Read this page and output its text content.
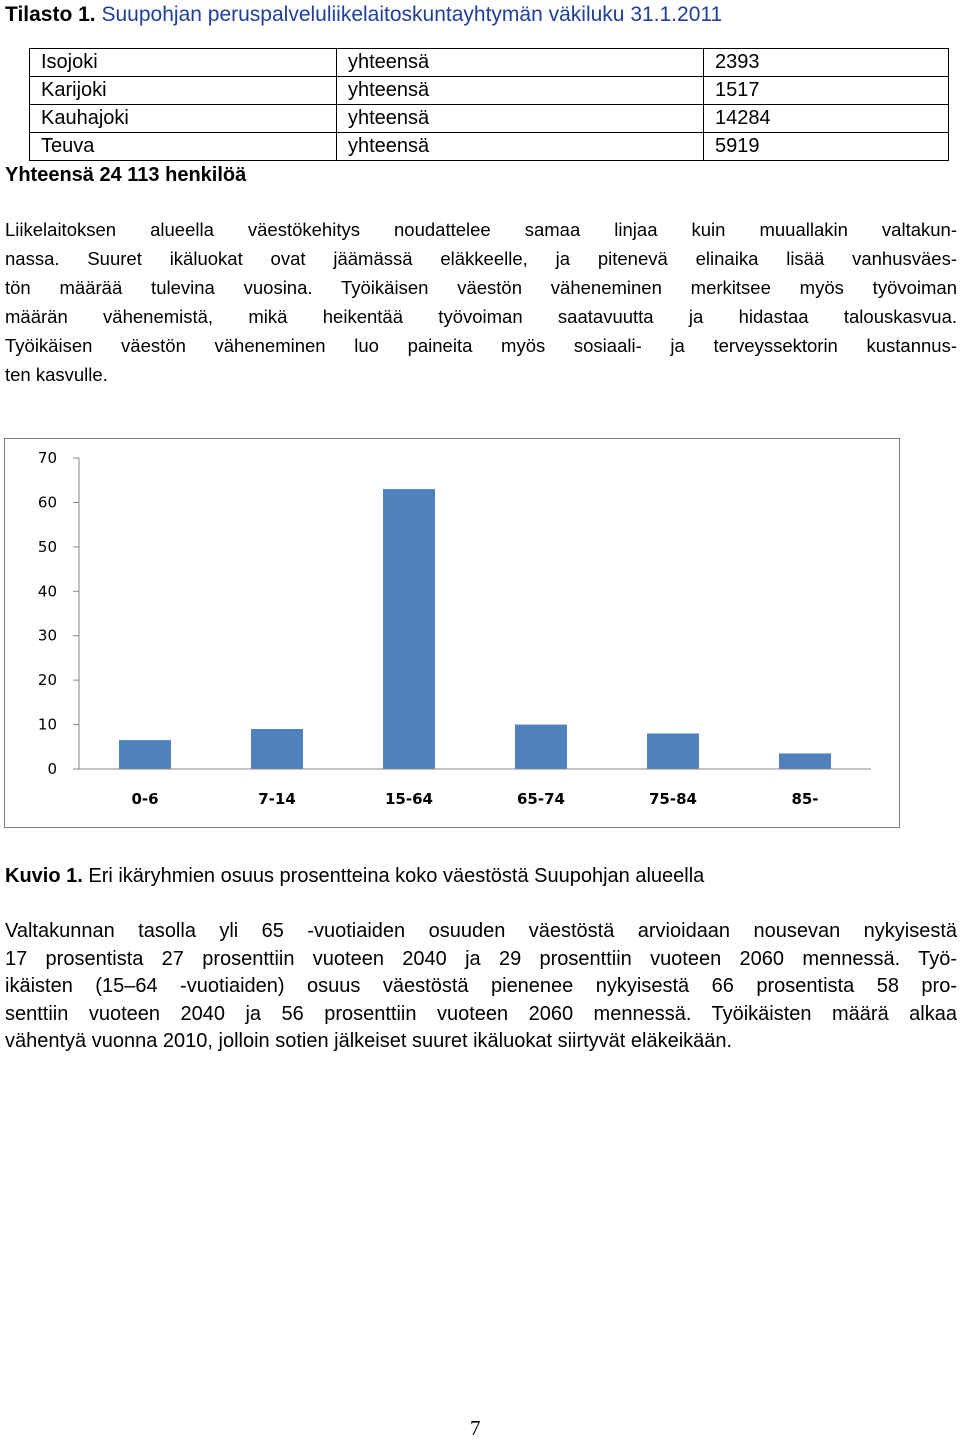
Tilasto 1. Suupohjan peruspalveluliikelaitoskuntayhtymän väkiluku 31.1.2011
Isojoki	yhteensä	2393
Karijoki	yhteensä	1517
Kauhajoki	yhteensä	14284
Teuva	yhteensä	5919
Yhteensä 24 113 henkilöä
Liikelaitoksen alueella väestökehitys noudattelee samaa linjaa kuin muuallakin valtakun-
nassa. Suuret ikäluokat ovat jäämässä eläkkeelle, ja pitenevä elinaika lisää vanhusväes-
tön määrää tulevina vuosina. Työikäisen väestön väheneminen merkitsee myös työvoiman
määrän vähenemistä, mikä heikentää työvoiman saatavuutta ja hidastaa talouskasvua.
Työikäisen väestön väheneminen luo paineita myös sosiaali- ja terveyssektorin kustannus-
ten kasvulle.
0
10
20
30
40
50
60
70
0-6	7-14	15-64	65-74	75-84	85-
Kuvio 1. Eri ikäryhmien osuus prosentteina koko väestöstä Suupohjan alueella
Valtakunnan tasolla yli 65 -vuotiaiden osuuden väestöstä arvioidaan nousevan nykyisestä
17 prosentista 27 prosenttiin vuoteen 2040 ja 29 prosenttiin vuoteen 2060 mennessä. Työ-
ikäisten (15–64 -vuotiaiden) osuus väestöstä pienenee nykyisestä 66 prosentista 58 pro-
senttiin vuoteen 2040 ja 56 prosenttiin vuoteen 2060 mennessä. Työikäisten määrä alkaa
vähentyä vuonna 2010, jolloin sotien jälkeiset suuret ikäluokat siirtyvät eläkeikään.
7
